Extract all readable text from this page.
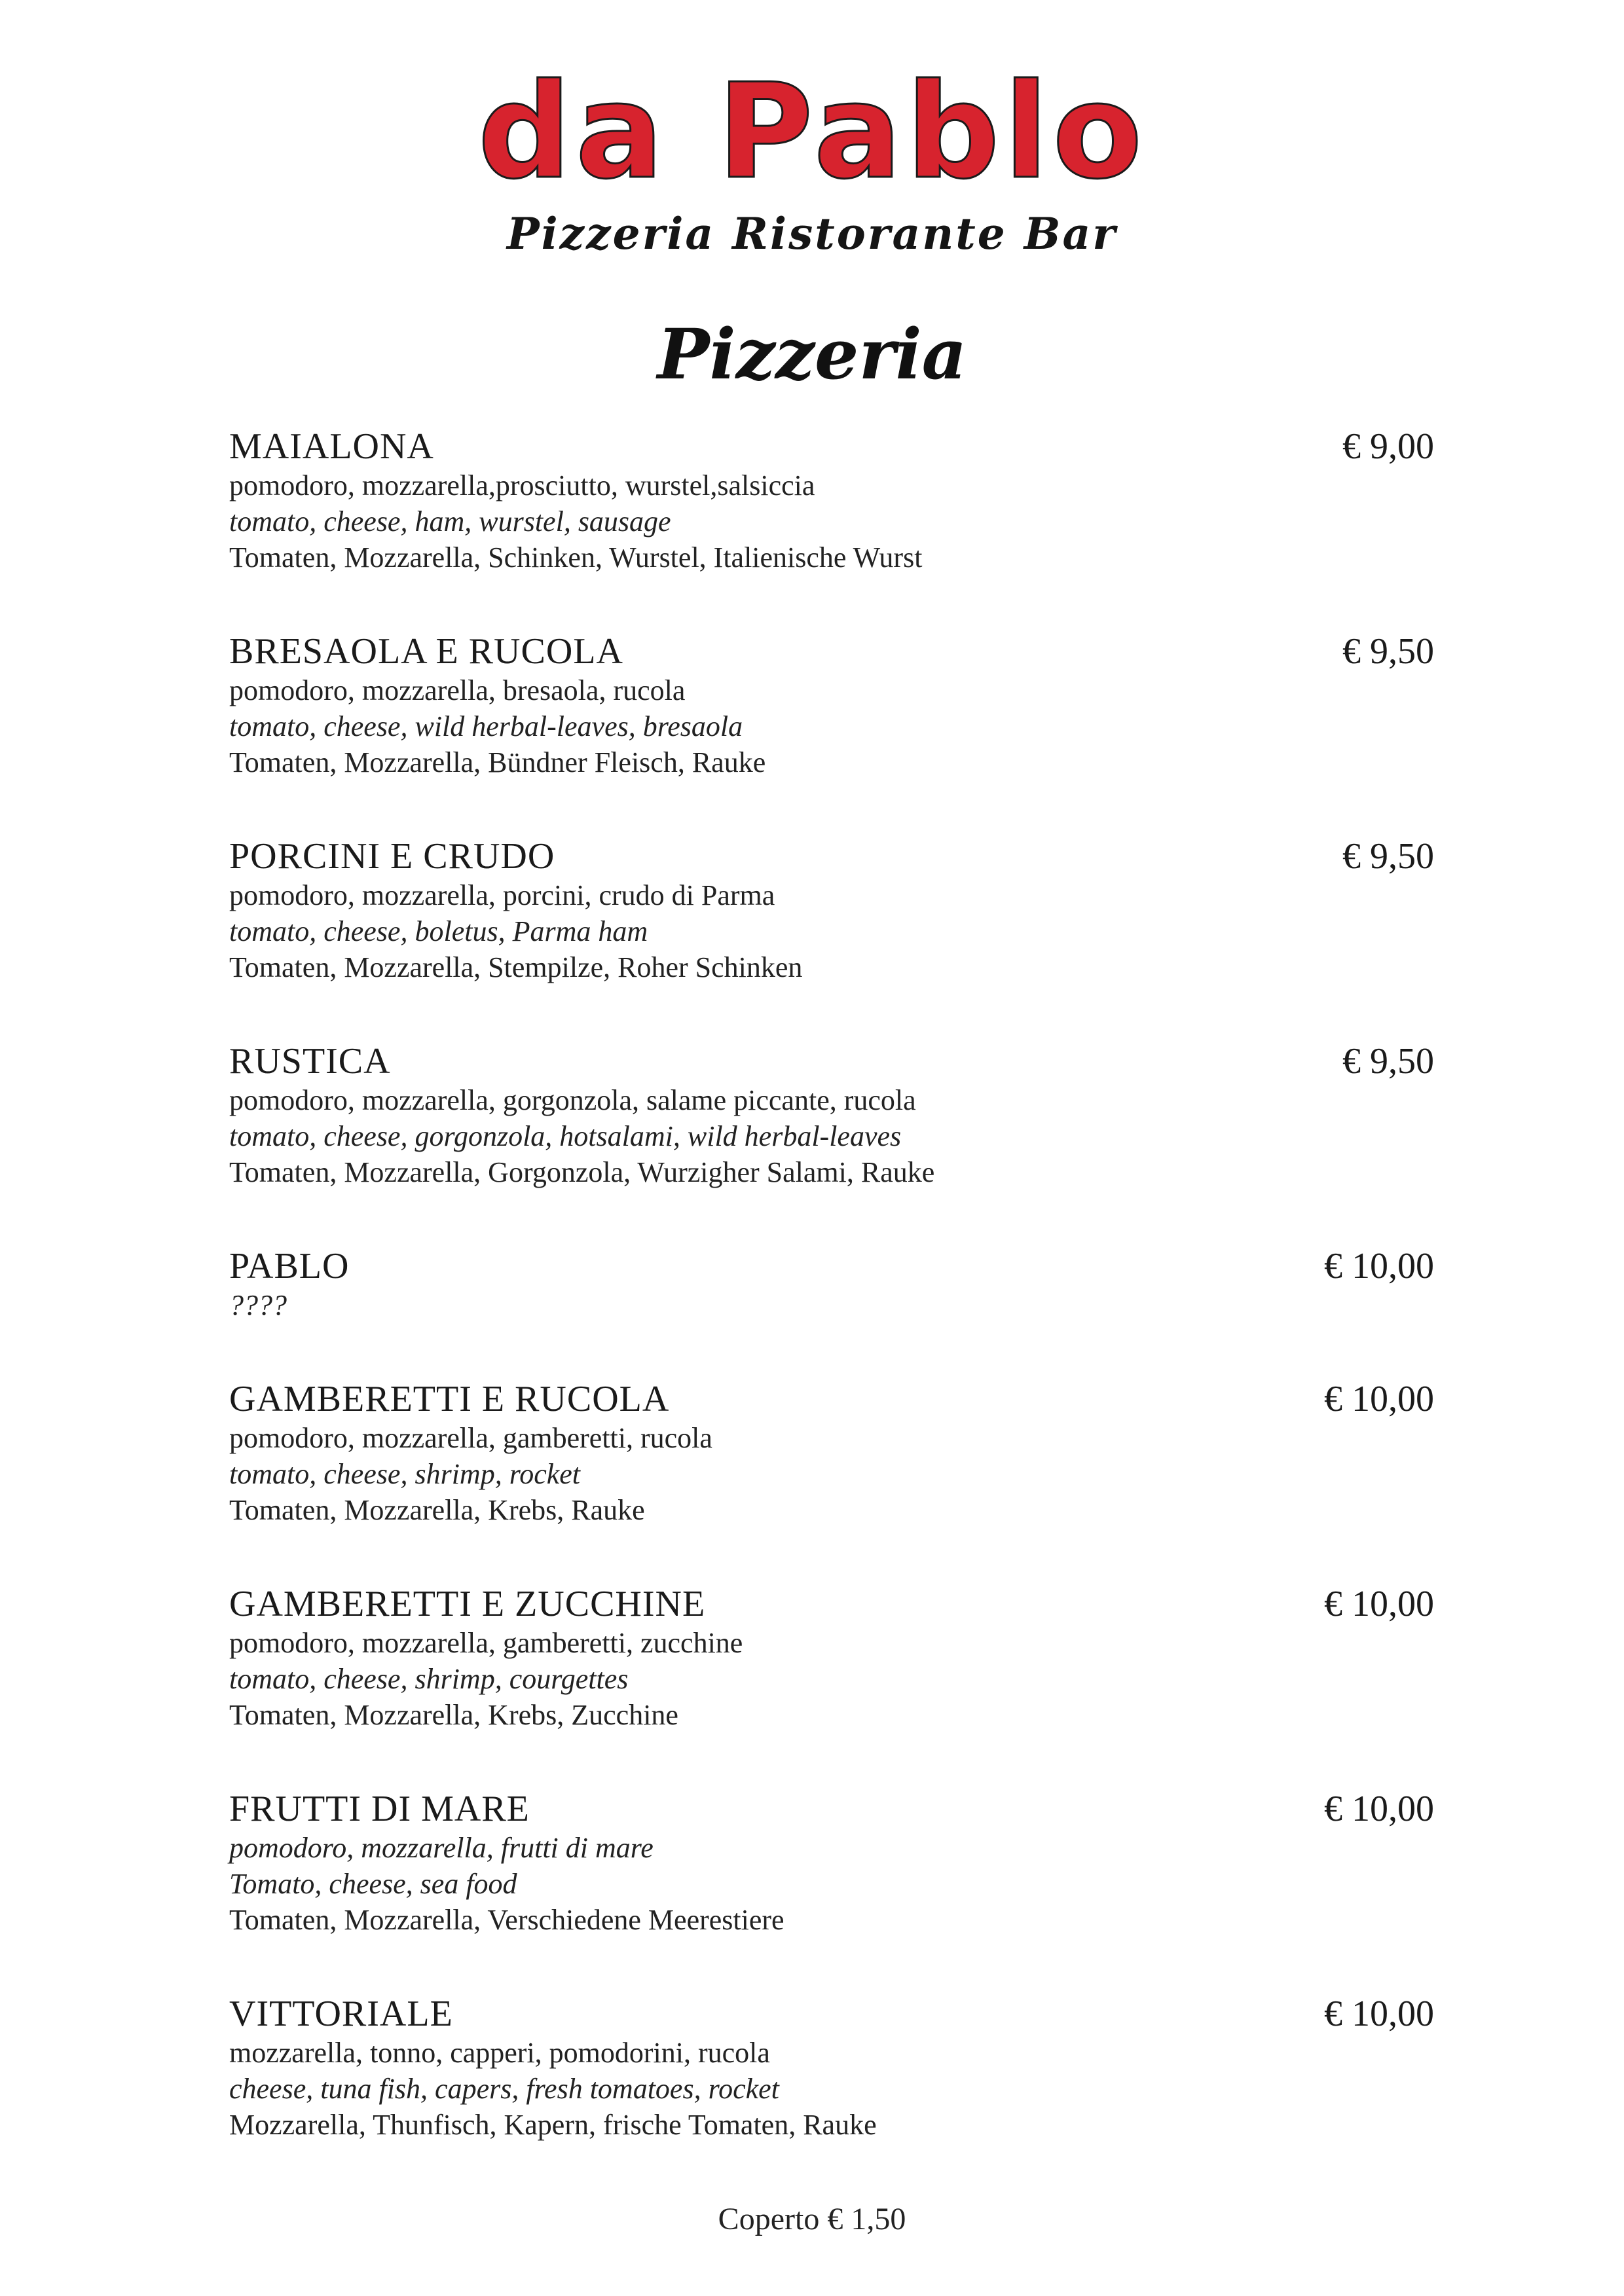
da Pablo
Pizzeria Ristorante Bar
Pizzeria
MAIALONA	€ 9,00
pomodoro, mozzarella,prosciutto, wurstel,salsiccia
tomato, cheese, ham, wurstel, sausage
Tomaten, Mozzarella, Schinken, Wurstel, Italienische Wurst
BRESAOLA E RUCOLA	€ 9,50
pomodoro, mozzarella, bresaola, rucola
tomato, cheese, wild herbal-leaves, bresaola
Tomaten, Mozzarella, Bündner Fleisch, Rauke
PORCINI E CRUDO	€ 9,50
pomodoro, mozzarella, porcini, crudo di Parma
tomato, cheese, boletus, Parma ham
Tomaten, Mozzarella, Stempilze, Roher Schinken
RUSTICA	€ 9,50
pomodoro, mozzarella, gorgonzola, salame piccante, rucola
tomato, cheese, gorgonzola, hotsalami, wild herbal-leaves
Tomaten, Mozzarella, Gorgonzola, Wurzigher Salami, Rauke
PABLO	€ 10,00
????
GAMBERETTI E RUCOLA	€ 10,00
pomodoro, mozzarella, gamberetti, rucola
tomato, cheese, shrimp, rocket
Tomaten, Mozzarella, Krebs, Rauke
GAMBERETTI E ZUCCHINE	€ 10,00
pomodoro, mozzarella, gamberetti, zucchine
tomato, cheese, shrimp, courgettes
Tomaten, Mozzarella, Krebs, Zucchine
FRUTTI DI MARE	€ 10,00
pomodoro, mozzarella, frutti di mare
Tomato, cheese, sea food
Tomaten, Mozzarella, Verschiedene Meerestiere
VITTORIALE	€ 10,00
mozzarella, tonno, capperi, pomodorini, rucola
cheese, tuna fish, capers, fresh tomatoes, rocket
Mozzarella, Thunfisch, Kapern, frische Tomaten, Rauke
Coperto € 1,50
